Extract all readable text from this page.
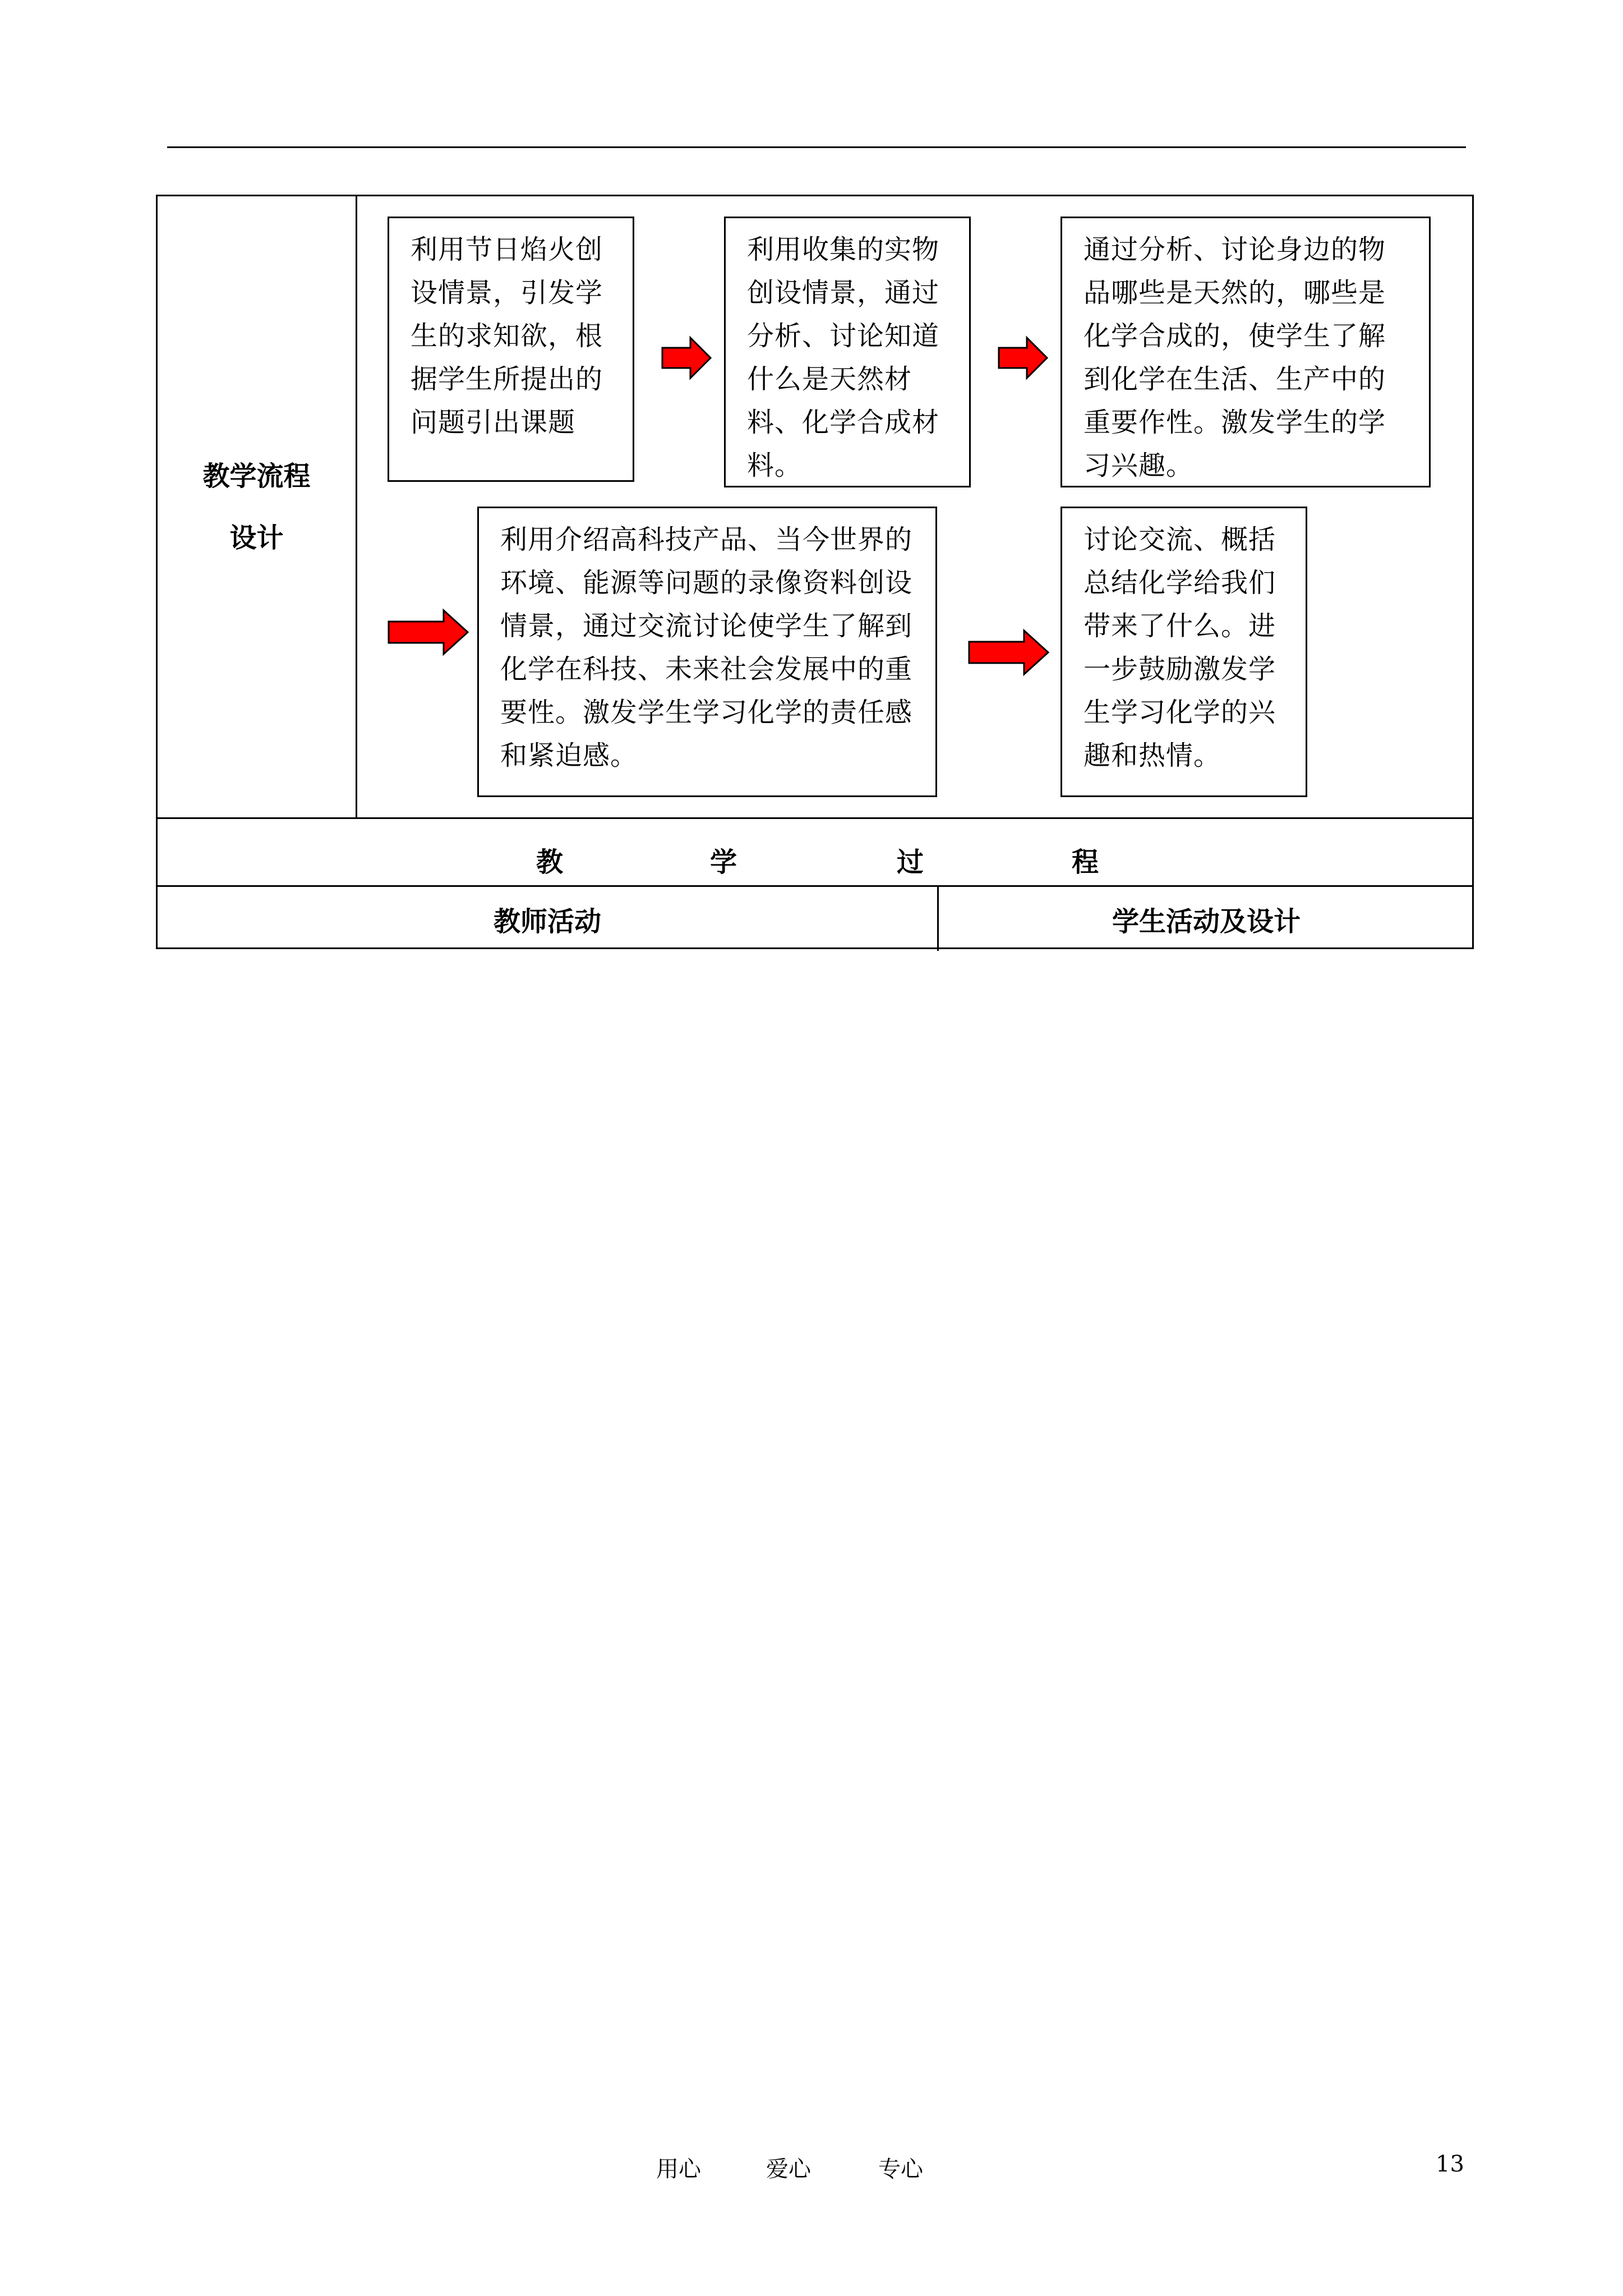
教学流程
设计
利用节日焰火创设情景，引发学生的求知欲，根据学生所提出的问题引出课题
利用收集的实物创设情景，通过分析、讨论知道什么是天然材料、化学合成材料。
通过分析、讨论身边的物品哪些是天然的，哪些是化学合成的，使学生了解到化学在生活、生产中的重要作性。激发学生的学习兴趣。
利用介绍高科技产品、当今世界的环境、能源等问题的录像资料创设情景，通过交流讨论使学生了解到化学在科技、未来社会发展中的重要性。激发学生学习化学的责任感和紧迫感。
讨论交流、概括总结化学给我们带来了什么。进一步鼓励激发学生学习化学的兴趣和热情。
教	学	过	程
教师活动	学生活动及设计
用心	爱心	专心	13
